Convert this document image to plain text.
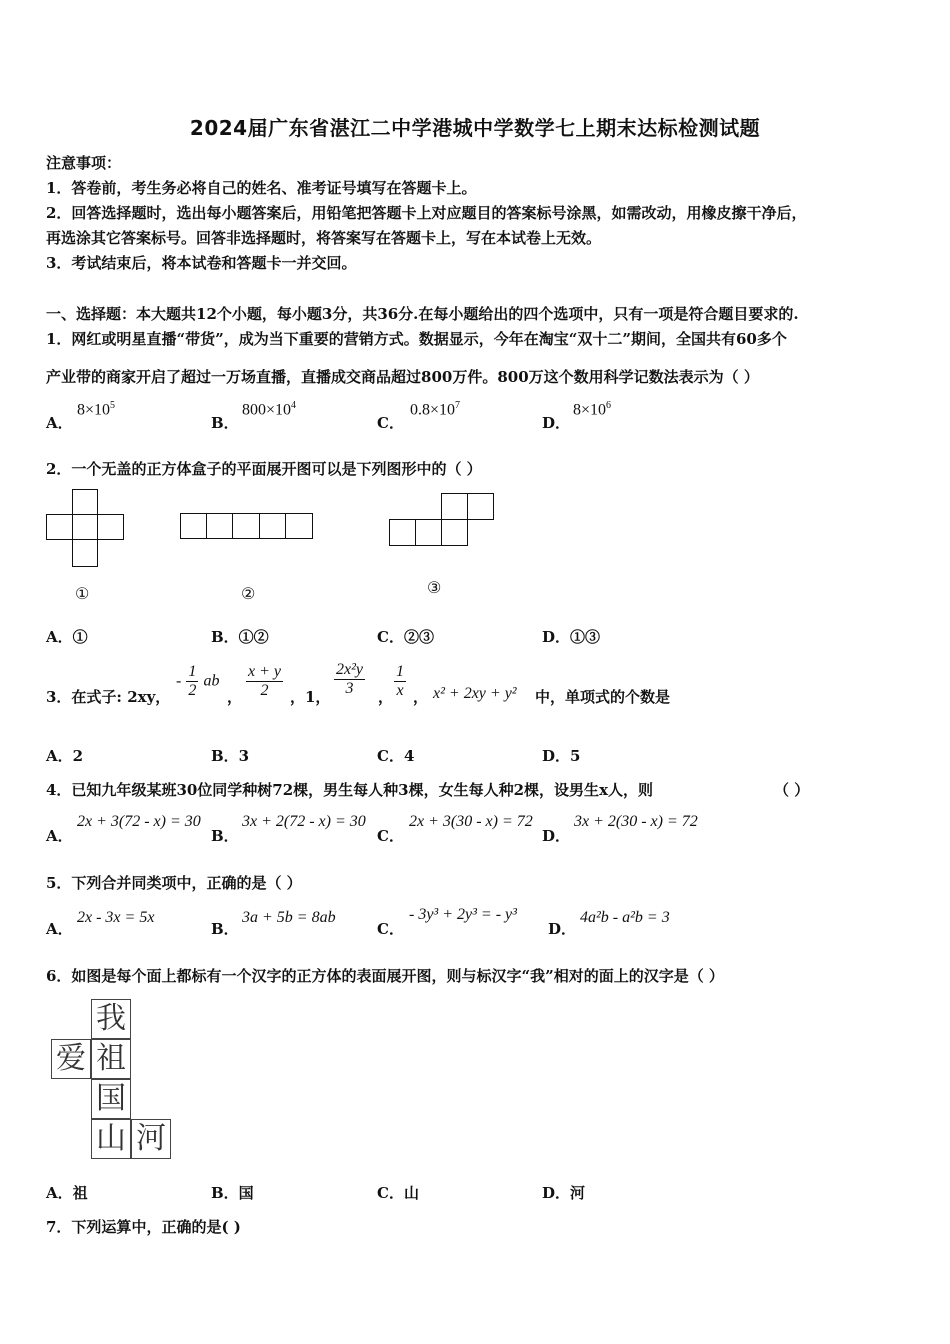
2024届广东省湛江二中学港城中学数学七上期末达标检测试题
注意事项：
1．答卷前，考生务必将自己的姓名、准考证号填写在答题卡上。
2．回答选择题时，选出每小题答案后，用铅笔把答题卡上对应题目的答案标号涂黑，如需改动，用橡皮擦干净后，
再选涂其它答案标号。回答非选择题时，将答案写在答题卡上，写在本试卷上无效。
3．考试结束后，将本试卷和答题卡一并交回。
一、选择题：本大题共12个小题，每小题3分，共36分.在每小题给出的四个选项中，只有一项是符合题目要求的.
1．网红或明星直播“带货”，成为当下重要的营销方式。数据显示，今年在淘宝“双十二”期间，全国共有60多个
产业带的商家开启了超过一万场直播，直播成交商品超过800万件。800万这个数用科学记数法表示为（ ）
A．
$8\times 10^5$
B．
$800\times 10^4$
C．
$0.8\times 10^7$
D．
$8\times 10^6$
2．一个无盖的正方体盒子的平面展开图可以是下列图形中的（ ）
①	②	③
A．①	B．①②	C．②③	D．①③
3．在式子: 2xy，
- $\frac{1}{2}$ ab
， $\frac{x + y}{2}$ ，1， $\frac{\text{2x²y}}{3}$ ， $\frac{1}{x}$ ， x² + 2xy + y² 中，单项式的个数是
A．2	B．3	C．4	D．5
4．已知九年级某班30位同学种树72棵，男生每人种3棵，女生每人种2棵，设男生x人，则	（ ）
A．
2x + 3(72 - x) = 30
B．
3x + 2(72 - x) = 30
C．
2x + 3(30 - x) = 72
D．
3x + 2(30 - x) = 72
5．下列合并同类项中，正确的是（ ）
A．
2x - 3x = 5x
B．
3a + 5b = 8ab
C．
- 3y³ + 2y³ = - y³
D．
4a²b - a²b = 3
6．如图是每个面上都标有一个汉字的正方体的表面展开图，则与标汉字“我”相对的面上的汉字是（ ）
我
爱 祖
国
山 河
A．祖	B．国	C．山	D．河
7．下列运算中，正确的是( )
